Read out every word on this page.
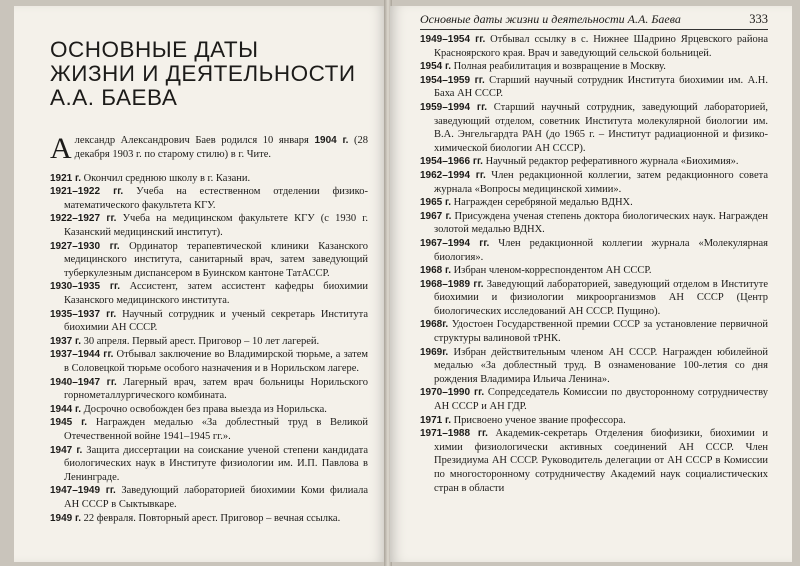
ОСНОВНЫЕ ДАТЫ
ЖИЗНИ И ДЕЯТЕЛЬНОСТИ
А.А. БАЕВА

Александр Александрович Баев родился 10 января 1904 г. (28 декабря 1903 г. по старому стилю) в г. Чите.

1921 г. Окончил среднюю школу в г. Казани.

1921–1922 гг. Учеба на естественном отделении физико-математического факультета КГУ.

1922–1927 гг. Учеба на медицинском факультете КГУ (с 1930 г. Казанский медицинский институт).

1927–1930 гг. Ординатор терапевтической клиники Казанского медицинского института, санитарный врач, затем заведующий туберкулезным диспансером в Буинском кантоне ТатАССР.

1930–1935 гг. Ассистент, затем ассистент кафедры биохимии Казанского медицинского института.

1935–1937 гг. Научный сотрудник и ученый секретарь Института биохимии АН СССР.

1937 г. 30 апреля. Первый арест. Приговор – 10 лет лагерей.

1937–1944 гг. Отбывал заключение во Владимирской тюрьме, а затем в Соловецкой тюрьме особого назначения и в Норильском лагере.

1940–1947 гг. Лагерный врач, затем врач больницы Норильского горнометаллургического комбината.

1944 г. Досрочно освобожден без права выезда из Норильска.

1945 г. Награжден медалью «За доблестный труд в Великой Отечественной войне 1941–1945 гг.».

1947 г. Защита диссертации на соискание ученой степени кандидата биологических наук в Институте физиологии им. И.П. Павлова в Ленинграде.

1947–1949 гг. Заведующий лабораторией биохимии Коми филиала АН СССР в Сыктывкаре.

1949 г. 22 февраля. Повторный арест. Приговор – вечная ссылка.

Основные даты жизни и деятельности А.А. Баева	333

1949–1954 гг. Отбывал ссылку в с. Нижнее Шадрино Ярцевского района Красноярского края. Врач и заведующий сельской больницей.

1954 г. Полная реабилитация и возвращение в Москву.

1954–1959 гг. Старший научный сотрудник Института биохимии им. А.Н. Баха АН СССР.

1959–1994 гг. Старший научный сотрудник, заведующий лабораторией, заведующий отделом, советник Института молекулярной биологии им. В.А. Энгельгардта РАН (до 1965 г. – Институт радиационной и физико-химической биологии АН СССР).

1954–1966 гг. Научный редактор реферативного журнала «Биохимия».

1962–1994 гг. Член редакционной коллегии, затем редакционного совета журнала «Вопросы медицинской химии».

1965 г. Награжден серебряной медалью ВДНХ.

1967 г. Присуждена ученая степень доктора биологических наук. Награжден золотой медалью ВДНХ.

1967–1994 гг. Член редакционной коллегии журнала «Молекулярная биология».

1968 г. Избран членом-корреспондентом АН СССР.

1968–1989 гг. Заведующий лабораторией, заведующий отделом в Институте биохимии и физиологии микроорганизмов АН СССР (Центр биологических исследований АН СССР. Пущино).

1968г. Удостоен Государственной премии СССР за установление первичной структуры валиновой тРНК.

1969г. Избран действительным членом АН СССР. Награжден юбилейной медалью «За доблестный труд. В ознаменование 100-летия со дня рождения Владимира Ильича Ленина».

1970–1990 гг. Сопредседатель Комиссии по двусторонному сотрудничеству АН СССР и АН ГДР.

1971 г. Присвоено ученое звание профессора.

1971–1988 гг. Академик-секретарь Отделения биофизики, биохимии и химии физиологически активных соединений АН СССР. Член Президиума АН СССР. Руководитель делегации от АН СССР в Комиссии по многосторонному сотрудничеству Академий наук социалистических стран в области
